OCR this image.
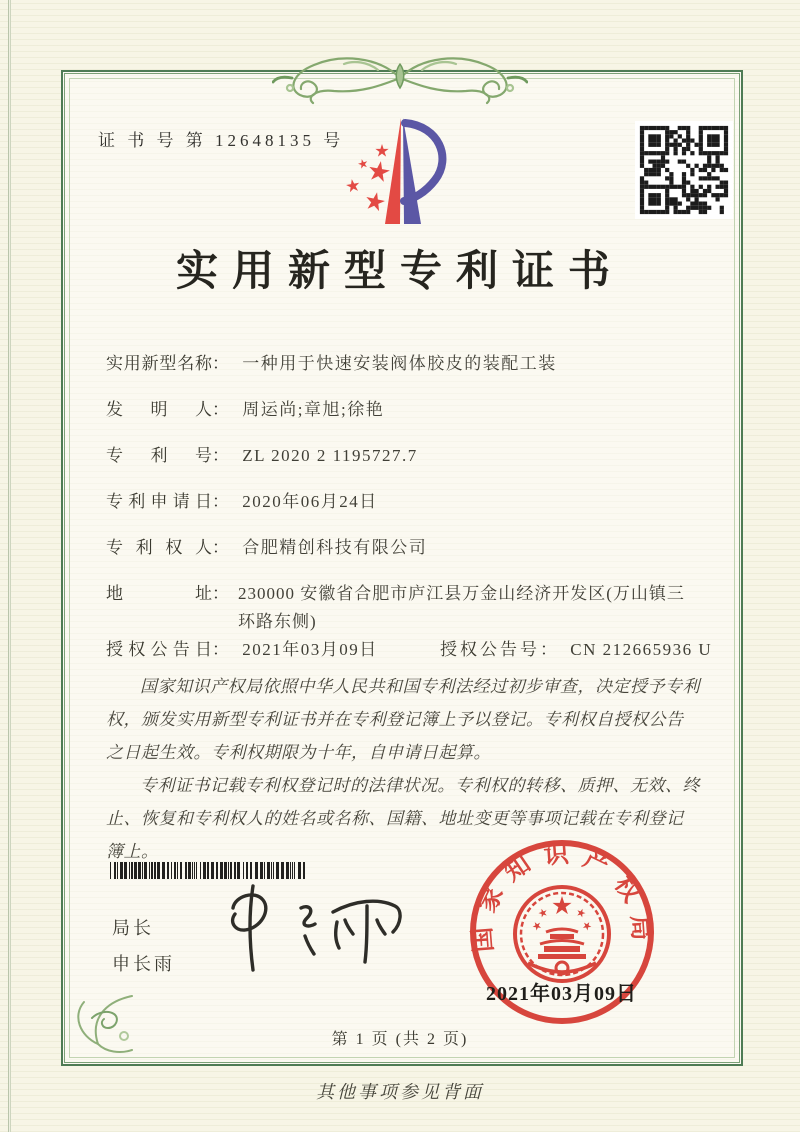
证 书 号 第 12648135 号
实用新型专利证书
实用新型名称： 一种用于快速安装阀体胶皮的装配工装
发明人： 周运尚;章旭;徐艳
专利号： ZL 2020 2 1195727.7
专利申请日： 2020年06月24日
专利权人： 合肥精创科技有限公司
地址 ： 230000 安徽省合肥市庐江县万金山经济开发区(万山镇三环路东侧)
授权公告日： 2021年03月09日	授权公告号： CN 212665936 U

国家知识产权局依照中华人民共和国专利法经过初步审查，决定授予专利权，颁发实用新型专利证书并在专利登记簿上予以登记。专利权自授权公告之日起生效。专利权期限为十年，自申请日起算。

专利证书记载专利权登记时的法律状况。专利权的转移、质押、无效、终止、恢复和专利权人的姓名或名称、国籍、地址变更等事项记载在专利登记簿上。

局长
申长雨
国家知识产权局
2021年03月09日
第 1 页 (共 2 页)
其他事项参见背面
